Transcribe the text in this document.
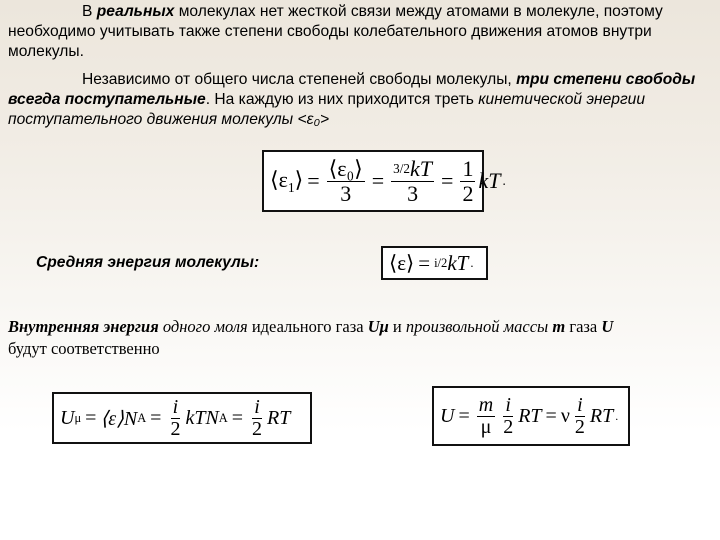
В реальных молекулах нет жесткой связи между атомами в молекуле, поэтому необходимо учитывать также степени свободы колебательного движения атомов внутри молекулы.

Независимо от общего числа степеней свободы молекулы, три степени свободы всегда поступательные. На каждую из них приходится треть кинетической энергии поступательного движения молекулы <ε₀>

$⟨\varepsilon_1⟩ = \frac{\text{⟨ε₀⟩}}{3} = \frac{3/2kT}{3} = \frac{1}{2}$ kT .
Средняя энергия молекулы:	⟨ε⟩ = i/2 kT .
Внутренняя энергия одного моля идеального газа Uμ и произвольной массы m газа U
будут соответственно
U μ = ⟨ε⟩N $A = \frac{i}{2}$ kTN $A = \frac{i}{2}$ RT	$U = \frac{m}{\mu} \frac{i}{2}$ RT = ν $\frac{i}{2}$ RT .
